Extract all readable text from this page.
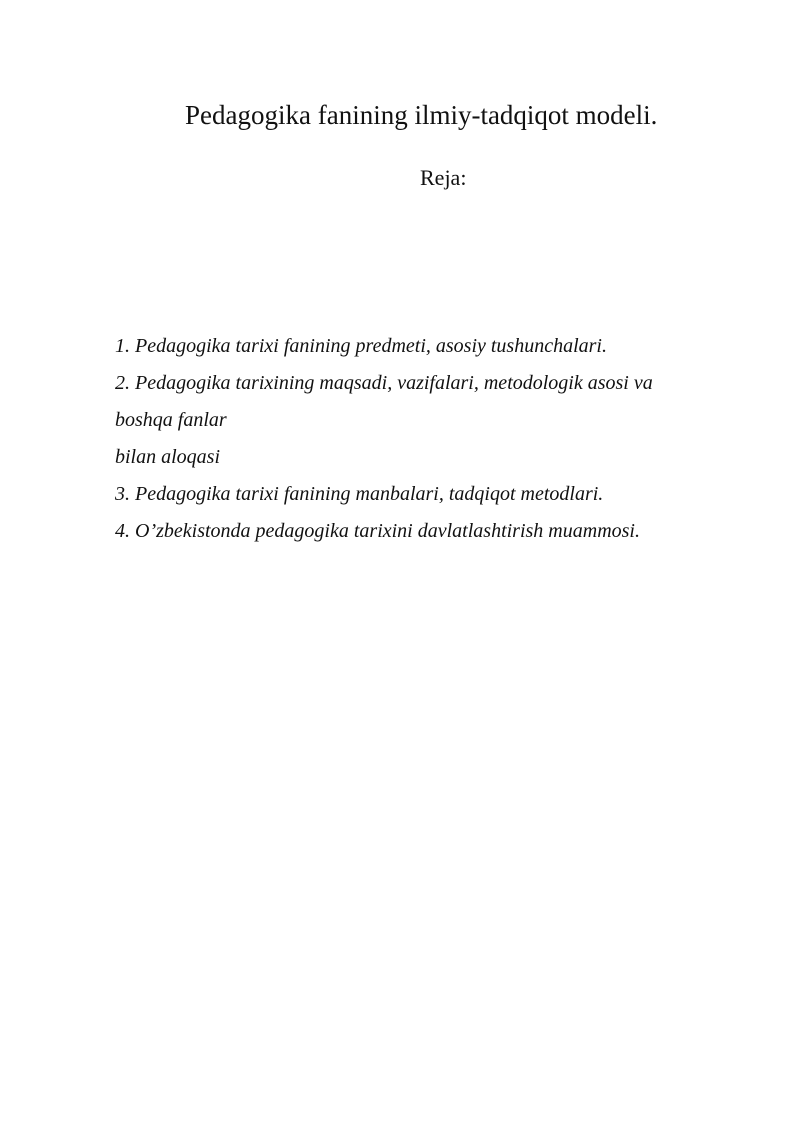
Pedagogika fanining ilmiy-tadqiqot modeli.
Reja:
1. Pedagogika tarixi fanining predmeti, asosiy tushunchalari.
2. Pedagogika tarixining maqsadi, vazifalari, metodologik asosi va
boshqa fanlar
bilan aloqasi
3. Pedagogika tarixi fanining manbalari, tadqiqot metodlari.
4. O’zbekistonda pedagogika tarixini davlatlashtirish muammosi.
